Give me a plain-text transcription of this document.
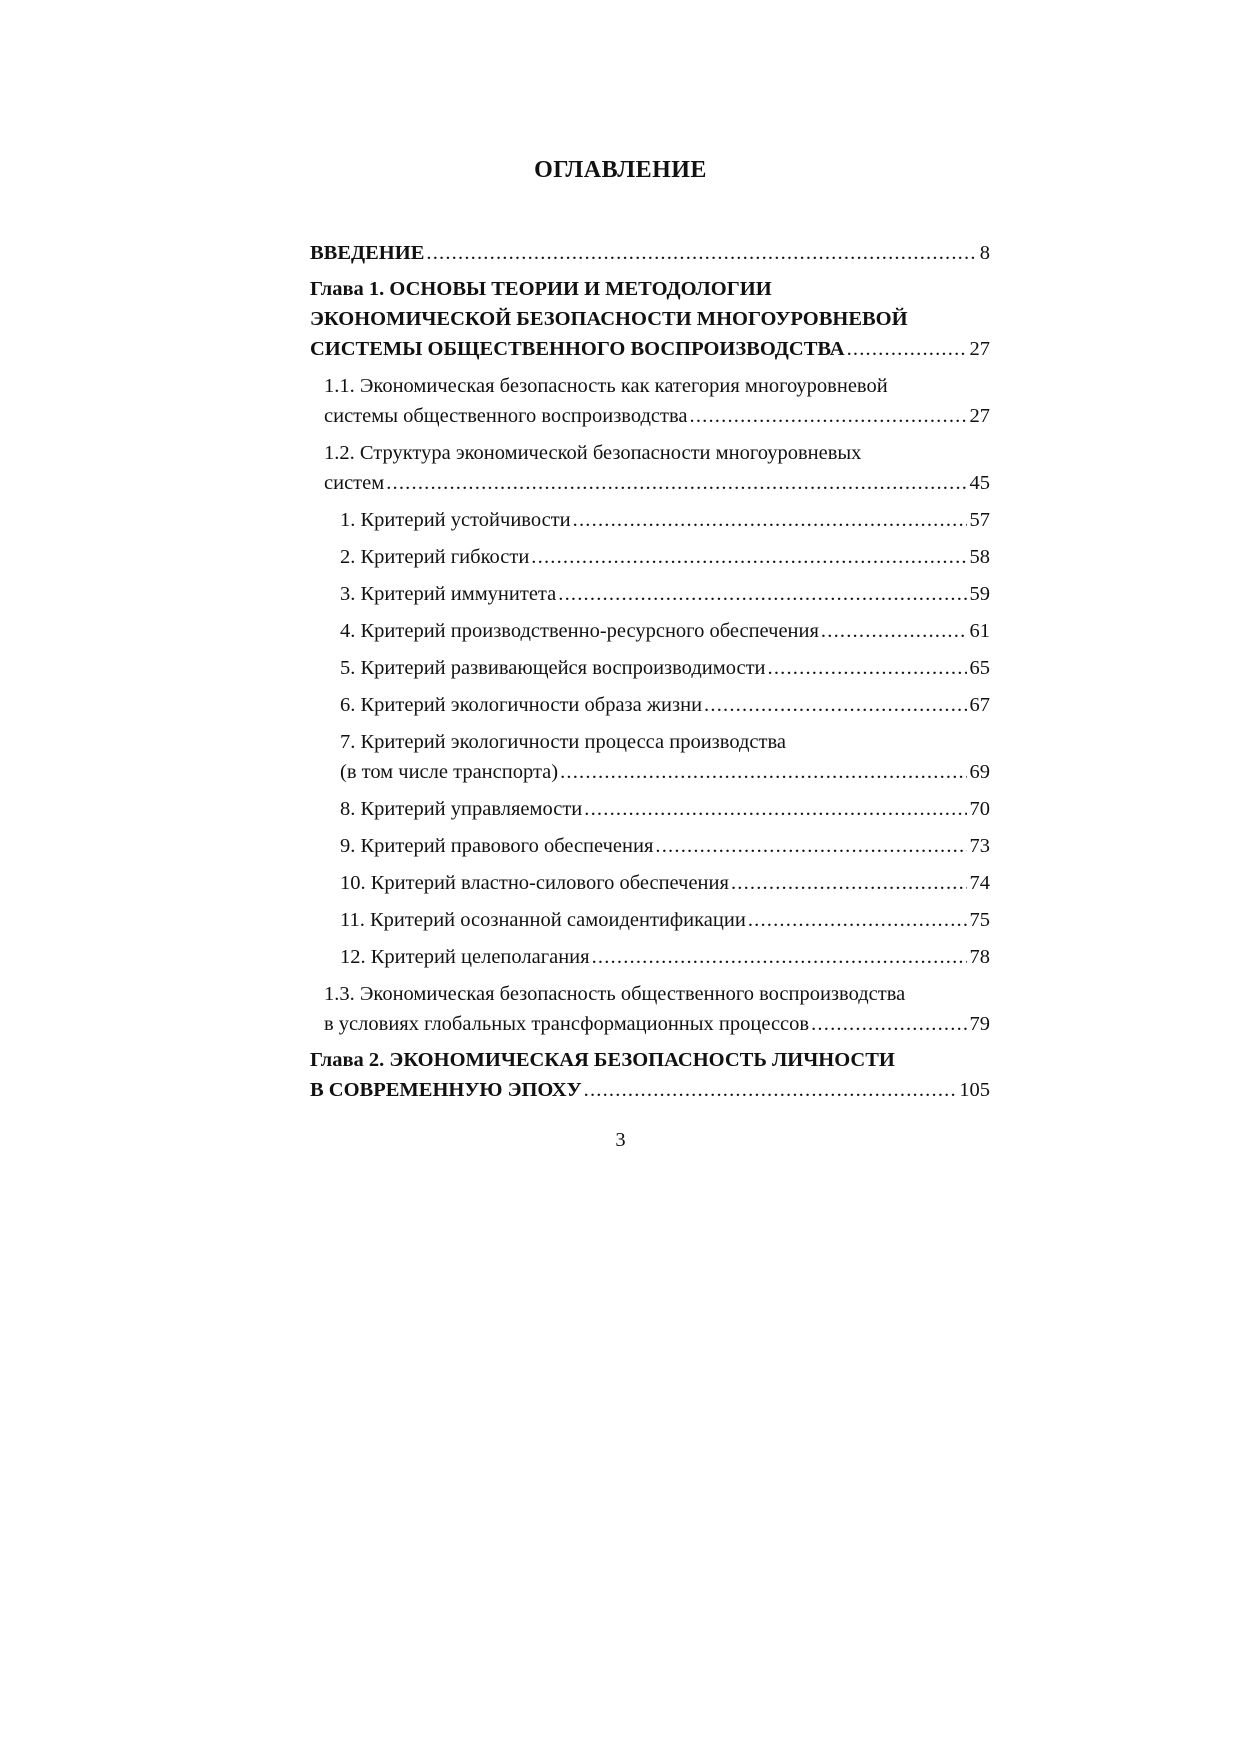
ОГЛАВЛЕНИЕ
ВВЕДЕНИЕ .....	8
Глава 1. ОСНОВЫ ТЕОРИИ И МЕТОДОЛОГИИ
ЭКОНОМИЧЕСКОЙ БЕЗОПАСНОСТИ МНОГОУРОВНЕВОЙ
СИСТЕМЫ ОБЩЕСТВЕННОГО ВОСПРОИЗВОДСТВА .....	27
1.1. Экономическая безопасность как категория многоуровневой
системы общественного воспроизводства .....	27
1.2. Структура экономической безопасности многоуровневых
систем .....	45
1. Критерий устойчивости .....	57
2. Критерий гибкости .....	58
3. Критерий иммунитета .....	59
4. Критерий производственно-ресурсного обеспечения .....	61
5. Критерий развивающейся воспроизводимости .....	65
6. Критерий экологичности образа жизни .....	67
7. Критерий экологичности процесса производства
(в том числе транспорта) .....	69
8. Критерий управляемости .....	70
9. Критерий правового обеспечения .....	73
10. Критерий властно-силового обеспечения .....	74
11. Критерий осознанной самоидентификации .....	75
12. Критерий целеполагания .....	78
1.3. Экономическая безопасность общественного воспроизводства
в условиях глобальных трансформационных процессов .....	79
Глава 2. ЭКОНОМИЧЕСКАЯ БЕЗОПАСНОСТЬ ЛИЧНОСТИ
В СОВРЕМЕННУЮ ЭПОХУ .....	105
3
